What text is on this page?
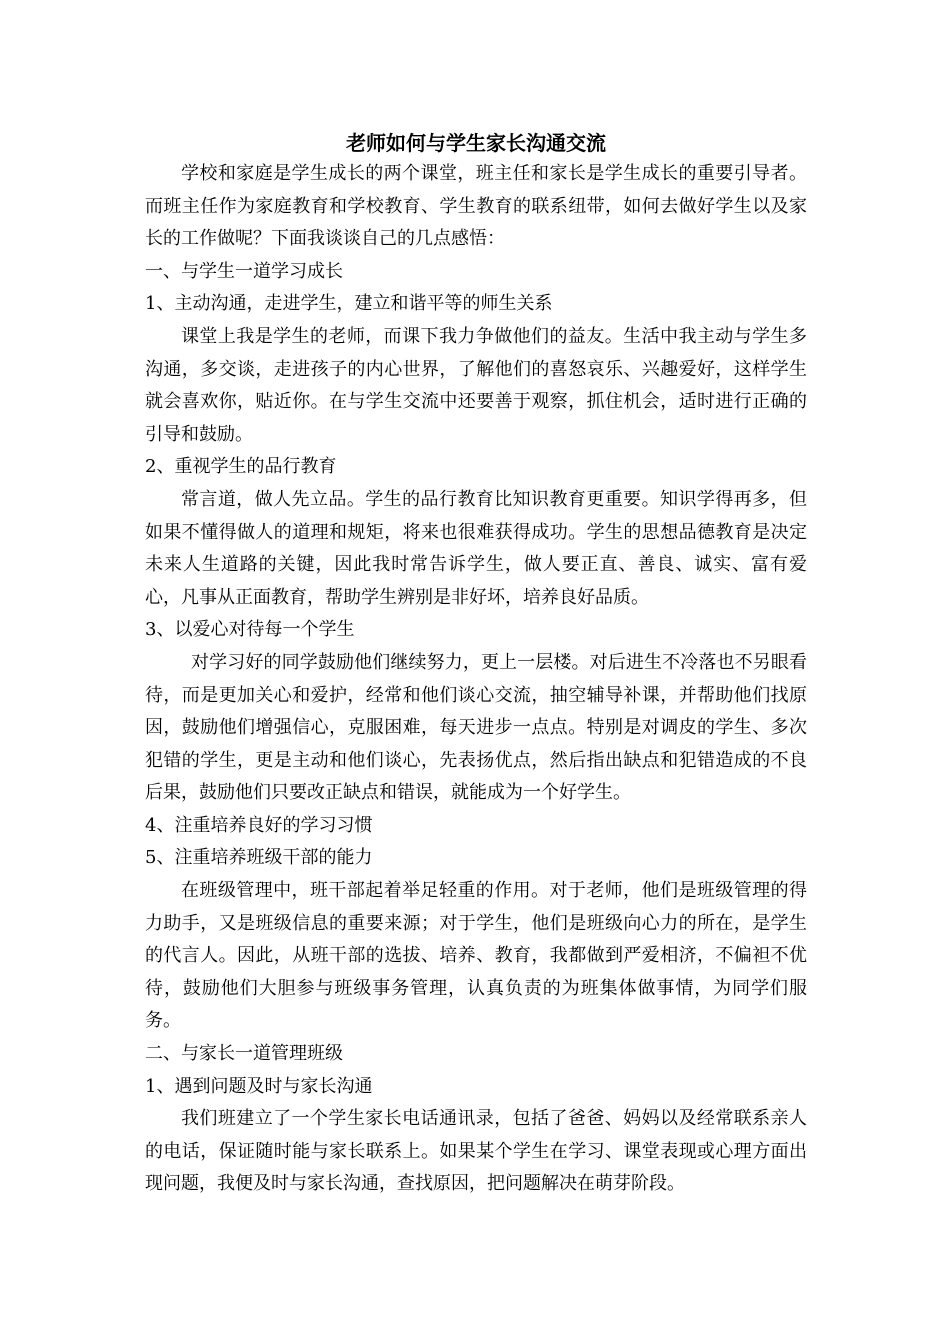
老师如何与学生家长沟通交流

学校和家庭是学生成长的两个课堂，班主任和家长是学生成长的重要引导者。而班主任作为家庭教育和学校教育、学生教育的联系纽带，如何去做好学生以及家长的工作做呢？下面我谈谈自己的几点感悟：

一、与学生一道学习成长

1、主动沟通，走进学生，建立和谐平等的师生关系

课堂上我是学生的老师，而课下我力争做他们的益友。生活中我主动与学生多沟通，多交谈，走进孩子的内心世界，了解他们的喜怒哀乐、兴趣爱好，这样学生就会喜欢你，贴近你。在与学生交流中还要善于观察，抓住机会，适时进行正确的引导和鼓励。

2、重视学生的品行教育

常言道，做人先立品。学生的品行教育比知识教育更重要。知识学得再多，但如果不懂得做人的道理和规矩，将来也很难获得成功。学生的思想品德教育是决定未来人生道路的关键，因此我时常告诉学生，做人要正直、善良、诚实、富有爱心，凡事从正面教育，帮助学生辨别是非好坏，培养良好品质。

3、以爱心对待每一个学生

对学习好的同学鼓励他们继续努力，更上一层楼。对后进生不冷落也不另眼看待，而是更加关心和爱护，经常和他们谈心交流，抽空辅导补课，并帮助他们找原因，鼓励他们增强信心，克服困难，每天进步一点点。特别是对调皮的学生、多次犯错的学生，更是主动和他们谈心，先表扬优点，然后指出缺点和犯错造成的不良后果，鼓励他们只要改正缺点和错误，就能成为一个好学生。

4、注重培养良好的学习习惯

5、注重培养班级干部的能力

在班级管理中，班干部起着举足轻重的作用。对于老师，他们是班级管理的得力助手，又是班级信息的重要来源；对于学生，他们是班级向心力的所在，是学生的代言人。因此，从班干部的选拔、培养、教育，我都做到严爱相济，不偏袒不优待，鼓励他们大胆参与班级事务管理，认真负责的为班集体做事情，为同学们服务。

二、与家长一道管理班级

1、遇到问题及时与家长沟通

我们班建立了一个学生家长电话通讯录，包括了爸爸、妈妈以及经常联系亲人的电话，保证随时能与家长联系上。如果某个学生在学习、课堂表现或心理方面出现问题，我便及时与家长沟通，查找原因，把问题解决在萌芽阶段。
